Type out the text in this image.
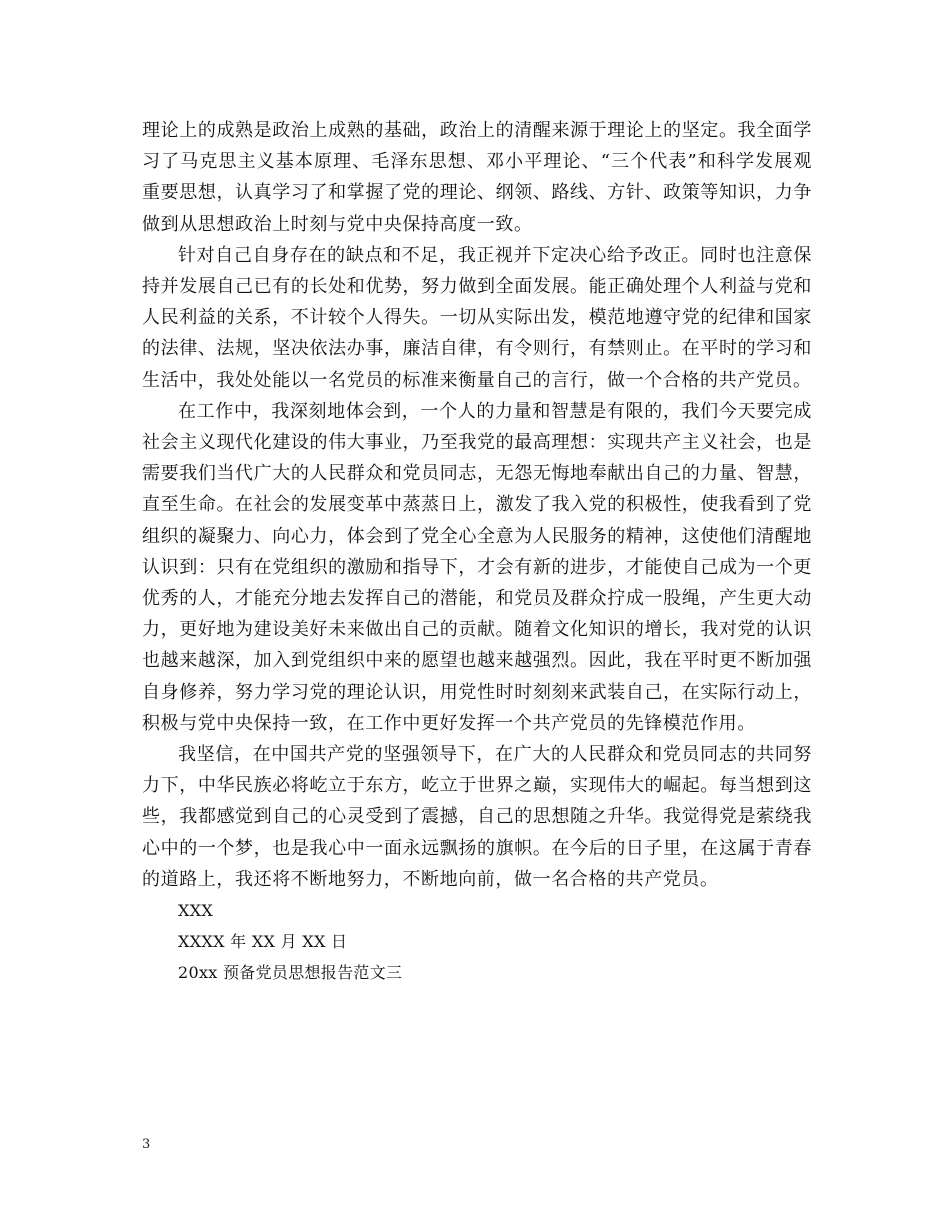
理论上的成熟是政治上成熟的基础，政治上的清醒来源于理论上的坚定。我全面学习了马克思主义基本原理、毛泽东思想、邓小平理论、“三个代表”和科学发展观重要思想，认真学习了和掌握了党的理论、纲领、路线、方针、政策等知识，力争做到从思想政治上时刻与党中央保持高度一致。

针对自己自身存在的缺点和不足，我正视并下定决心给予改正。同时也注意保持并发展自己已有的长处和优势，努力做到全面发展。能正确处理个人利益与党和人民利益的关系，不计较个人得失。一切从实际出发，模范地遵守党的纪律和国家的法律、法规，坚决依法办事，廉洁自律，有令则行，有禁则止。在平时的学习和生活中，我处处能以一名党员的标准来衡量自己的言行，做一个合格的共产党员。

在工作中，我深刻地体会到，一个人的力量和智慧是有限的，我们今天要完成社会主义现代化建设的伟大事业，乃至我党的最高理想：实现共产主义社会，也是需要我们当代广大的人民群众和党员同志，无怨无悔地奉献出自己的力量、智慧，直至生命。在社会的发展变革中蒸蒸日上，激发了我入党的积极性，使我看到了党组织的凝聚力、向心力，体会到了党全心全意为人民服务的精神，这使他们清醒地认识到：只有在党组织的激励和指导下，才会有新的进步，才能使自己成为一个更优秀的人，才能充分地去发挥自己的潜能，和党员及群众拧成一股绳，产生更大动力，更好地为建设美好未来做出自己的贡献。随着文化知识的增长，我对党的认识也越来越深，加入到党组织中来的愿望也越来越强烈。因此，我在平时更不断加强自身修养，努力学习党的理论认识，用党性时时刻刻来武装自己，在实际行动上，积极与党中央保持一致，在工作中更好发挥一个共产党员的先锋模范作用。

我坚信，在中国共产党的坚强领导下，在广大的人民群众和党员同志的共同努力下，中华民族必将屹立于东方，屹立于世界之巅，实现伟大的崛起。每当想到这些，我都感觉到自己的心灵受到了震撼，自己的思想随之升华。我觉得党是萦绕我心中的一个梦，也是我心中一面永远飘扬的旗帜。在今后的日子里，在这属于青春的道路上，我还将不断地努力，不断地向前，做一名合格的共产党员。

XXX

XXXX 年 XX 月 XX 日

20xx 预备党员思想报告范文三

3
